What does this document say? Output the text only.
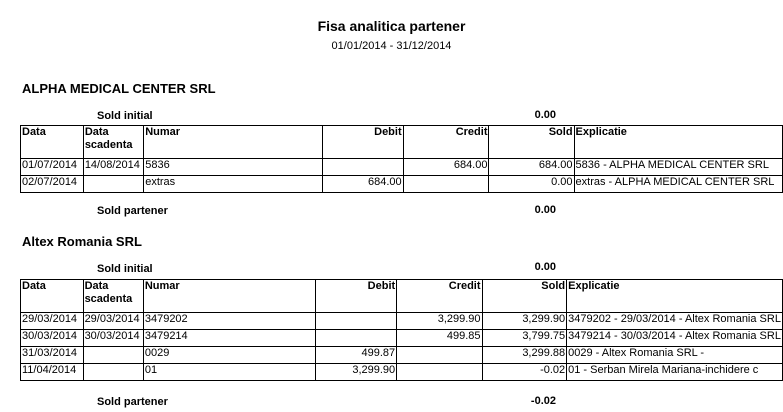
Fisa analitica partener
01/01/2014 - 31/12/2014
ALPHA MEDICAL CENTER SRL
Sold initial	0.00
Data	Data scadenta	Numar	Debit	Credit	Sold	Explicatie
01/07/2014	14/08/2014	5836		684.00	684.00	5836 - ALPHA MEDICAL CENTER SRL
02/07/2014		extras	684.00		0.00	extras - ALPHA MEDICAL CENTER SRL
Sold partener	0.00
Altex Romania SRL
Sold initial	0.00
Data	Data scadenta	Numar	Debit	Credit	Sold	Explicatie
29/03/2014	29/03/2014	3479202		3,299.90	3,299.90	3479202 - 29/03/2014 - Altex Romania SRL
30/03/2014	30/03/2014	3479214		499.85	3,799.75	3479214 - 30/03/2014 - Altex Romania SRL
31/03/2014		0029	499.87		3,299.88	0029 - Altex Romania SRL -
11/04/2014		01	3,299.90		-0.02	01 - Serban Mirela Mariana-inchidere c
Sold partener	-0.02
